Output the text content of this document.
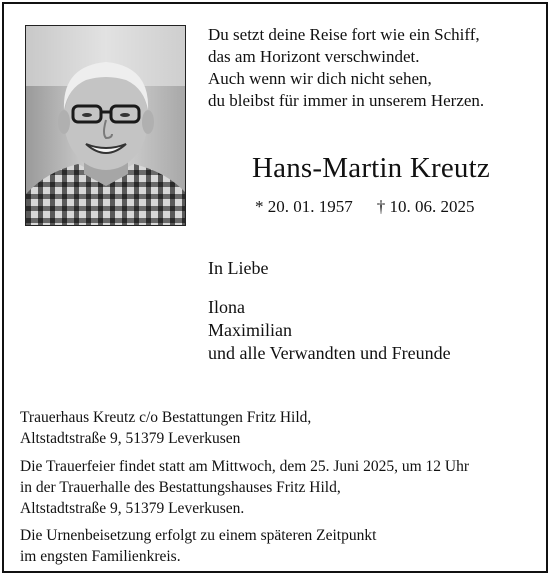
Du setzt deine Reise fort wie ein Schiff,
das am Horizont verschwindet.
Auch wenn wir dich nicht sehen,
du bleibst für immer in unserem Herzen.
Hans-Martin Kreutz
* 20. 01. 1957 † 10. 06. 2025
In Liebe
Ilona
Maximilian
und alle Verwandten und Freunde
Trauerhaus Kreutz c/o Bestattungen Fritz Hild,
Altstadtstraße 9, 51379 Leverkusen
Die Trauerfeier findet statt am Mittwoch, dem 25. Juni 2025, um 12 Uhr
in der Trauerhalle des Bestattungshauses Fritz Hild,
Altstadtstraße 9, 51379 Leverkusen.
Die Urnenbeisetzung erfolgt zu einem späteren Zeitpunkt
im engsten Familienkreis.
